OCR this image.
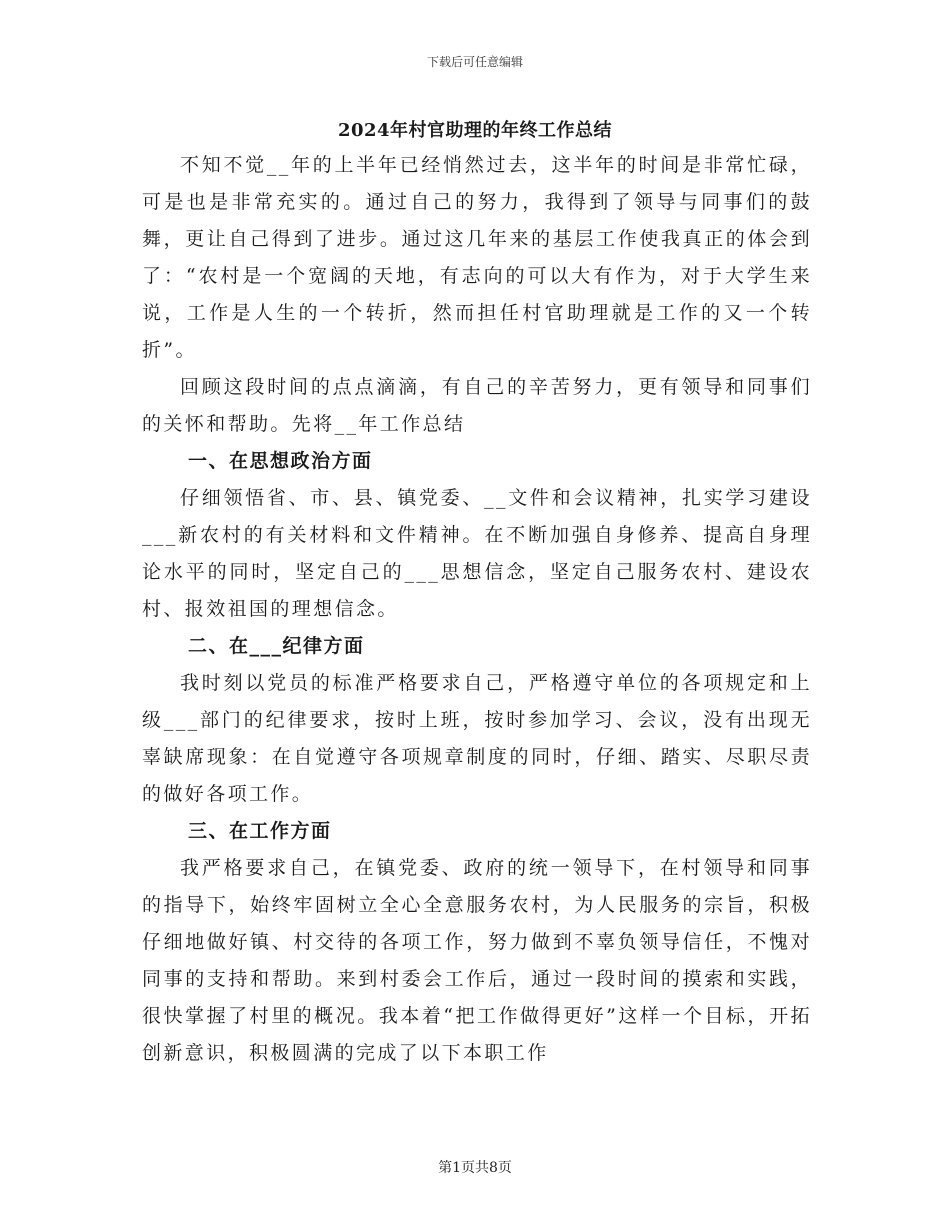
下载后可任意编辑
2024年村官助理的年终工作总结

不知不觉__年的上半年已经悄然过去，这半年的时间是非常忙碌，可是也是非常充实的。通过自己的努力，我得到了领导与同事们的鼓舞，更让自己得到了进步。通过这几年来的基层工作使我真正的体会到了：“农村是一个宽阔的天地，有志向的可以大有作为，对于大学生来说，工作是人生的一个转折，然而担任村官助理就是工作的又一个转折”。

回顾这段时间的点点滴滴，有自己的辛苦努力，更有领导和同事们的关怀和帮助。先将__年工作总结

一、在思想政治方面

仔细领悟省、市、县、镇党委、__文件和会议精神，扎实学习建设___新农村的有关材料和文件精神。在不断加强自身修养、提高自身理论水平的同时，坚定自己的___思想信念，坚定自己服务农村、建设农村、报效祖国的理想信念。

二、在___纪律方面

我时刻以党员的标准严格要求自己，严格遵守单位的各项规定和上级___部门的纪律要求，按时上班，按时参加学习、会议，没有出现无辜缺席现象：在自觉遵守各项规章制度的同时，仔细、踏实、尽职尽责的做好各项工作。

三、在工作方面

我严格要求自己，在镇党委、政府的统一领导下，在村领导和同事的指导下，始终牢固树立全心全意服务农村，为人民服务的宗旨，积极仔细地做好镇、村交待的各项工作，努力做到不辜负领导信任，不愧对同事的支持和帮助。来到村委会工作后，通过一段时间的摸索和实践，很快掌握了村里的概况。我本着“把工作做得更好”这样一个目标，开拓创新意识，积极圆满的完成了以下本职工作

第1页共8页
